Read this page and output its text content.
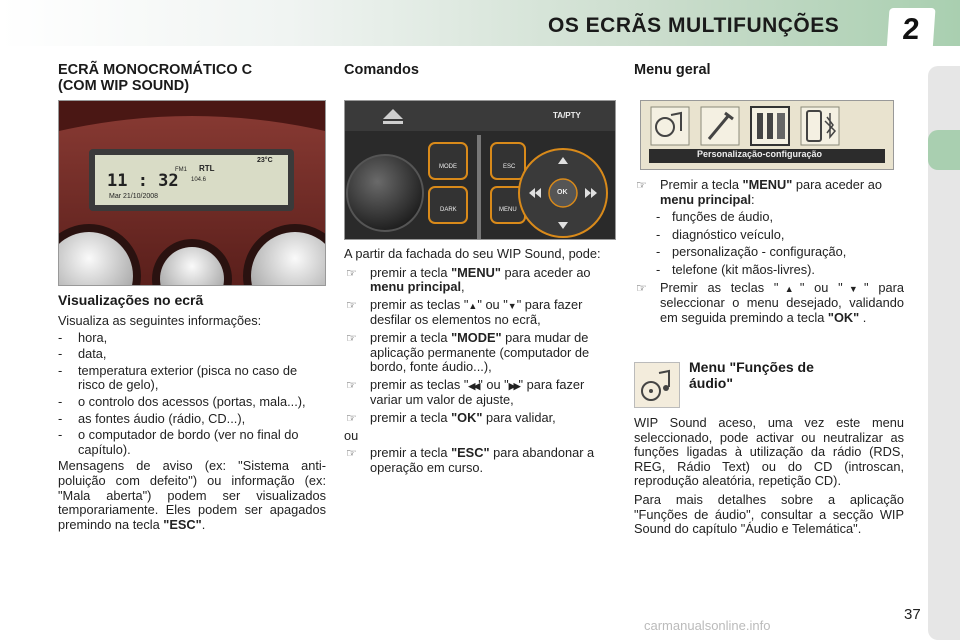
OS ECRÃS MULTIFUNÇÕES	2
ECRÃ MONOCROMÁTICO C
(COM WIP SOUND)
11 : 32
Mar 21/10/2008
RTL
23°C
FM1
104.6
Visualizações no ecrã
Visualiza as seguintes informações:
- hora,
- data,
- temperatura exterior (pisca no caso de risco de gelo),
- o controlo dos acessos (portas, mala...),
- as fontes áudio (rádio, CD...),
- o computador de bordo (ver no final do capítulo).
Mensagens de aviso (ex: "Sistema antipoluição com defeito") ou informação (ex: "Mala aberta") podem ser visualizados temporariamente. Eles podem ser apagados premindo na tecla "ESC".
Comandos
TA/PTY
MODE
DARK
ESC
MENU
OK
A partir da fachada do seu WIP Sound, pode:
☞ premir a tecla "MENU" para aceder ao menu principal,
☞ premir as teclas "▲" ou "▼" para fazer desfilar os elementos no ecrã,
☞ premir a tecla "MODE" para mudar de aplicação permanente (computador de bordo, fonte áudio...),
☞ premir as teclas "◀◀" ou "▶▶" para fazer variar um valor de ajuste,
☞ premir a tecla "OK" para validar,
ou
☞ premir a tecla "ESC" para abandonar a operação em curso.
Menu geral
Personalização-configuração
☞ Premir a tecla "MENU" para aceder ao menu principal:
- funções de áudio,
- diagnóstico veículo,
- personalização - configuração,
- telefone (kit mãos-livres).
☞ Premir as teclas "▲" ou "▼" para seleccionar o menu desejado, validando em seguida premindo a tecla "OK" .
Menu "Funções de
áudio"
WIP Sound aceso, uma vez este menu seleccionado, pode activar ou neutralizar as funções ligadas à utilização da rádio (RDS, REG, Rádio Text) ou do CD (introscan, reprodução aleatória, repetição CD).
Para mais detalhes sobre a aplicação "Funções de áudio", consultar a secção WIP Sound do capítulo "Áudio e Telemática".
37
carmanualsonline.info
